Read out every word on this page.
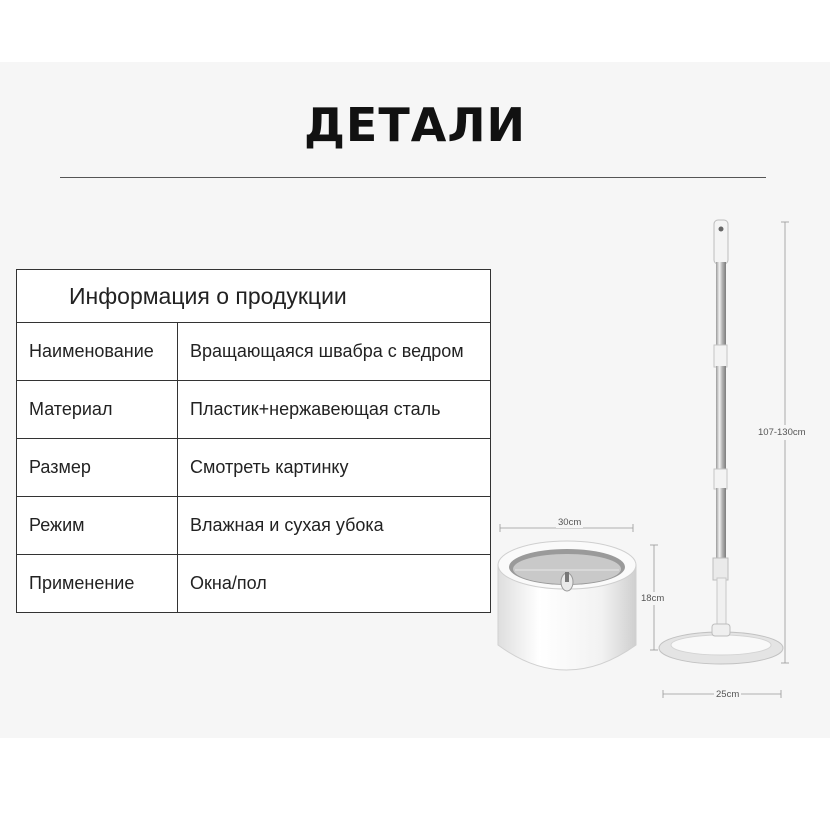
ДЕТАЛИ
Информация о продукции	
Наименование	Вращающаяся швабра с ведром
Материал	Пластик+нержавеющая сталь
Размер	Смотреть картинку
Режим	Влажная и сухая убока
Применение	Окна/пол
30cm
18cm
107-130cm
25cm
